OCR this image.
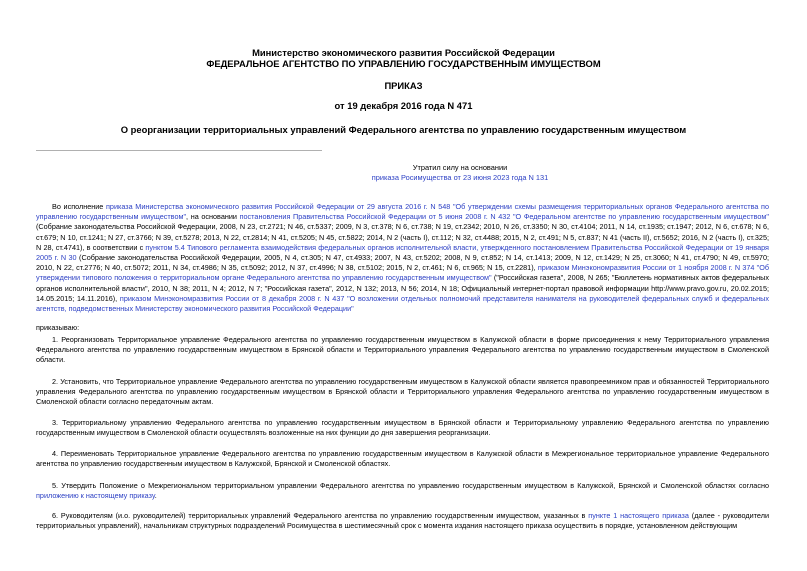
Министерство экономического развития Российской Федерации
ФЕДЕРАЛЬНОЕ АГЕНТСТВО ПО УПРАВЛЕНИЮ ГОСУДАРСТВЕННЫМ ИМУЩЕСТВОМ
ПРИКАЗ
от 19 декабря 2016 года N 471
О реорганизации территориальных управлений Федерального агентства по управлению государственным имуществом
Утратил силу на основании
приказа Росимущества от 23 июня 2023 года N 131
Во исполнение приказа Министерства экономического развития Российской Федерации от 29 августа 2016 г. N 548 "Об утверждении схемы размещения территориальных органов Федерального агентства по управлению государственным имуществом", на основании постановления Правительства Российской Федерации от 5 июня 2008 г. N 432 "О Федеральном агентстве по управлению государственным имуществом" (Собрание законодательства Российской Федерации, 2008, N 23, ст.2721; N 46, ст.5337; 2009, N 3, ст.378; N 6, ст.738; N 19, ст.2342; 2010, N 26, ст.3350; N 30, ст.4104; 2011, N 14, ст.1935; ст.1947; 2012, N 6, ст.678; N 6, ст.679; N 10, ст.1241; N 27, ст.3766; N 39, ст.5278; 2013, N 22, ст.2814; N 41, ст.5205; N 45, ст.5822; 2014, N 2 (часть I), ст.112; N 32, ст.4488; 2015, N 2, ст.491; N 5, ст.837; N 41 (часть II), ст.5652; 2016, N 2 (часть I), ст.325; N 28, ст.4741), в соответствии с пунктом 5.4 Типового регламента взаимодействия федеральных органов исполнительной власти, утвержденного постановлением Правительства Российской Федерации от 19 января 2005 г. N 30 (Собрание законодательства Российской Федерации, 2005, N 4, ст.305; N 47, ст.4933; 2007, N 43, ст.5202; 2008, N 9, ст.852; N 14, ст.1413; 2009, N 12, ст.1429; N 25, ст.3060; N 41, ст.4790; N 49, ст.5970; 2010, N 22, ст.2776; N 40, ст.5072; 2011, N 34, ст.4986; N 35, ст.5092; 2012, N 37, ст.4996; N 38, ст.5102; 2015, N 2, ст.461; N 6, ст.965; N 15, ст.2281), приказом Минэкономразвития России от 1 ноября 2008 г. N 374 "Об утверждении типового положения о территориальном органе Федерального агентства по управлению государственным имуществом" ("Российская газета", 2008, N 265; "Бюллетень нормативных актов федеральных органов исполнительной власти", 2010, N 38; 2011, N 4; 2012, N 7; "Российская газета", 2012, N 132; 2013, N 56; 2014, N 18; Официальный интернет-портал правовой информации http://www.pravo.gov.ru, 20.02.2015; 14.05.2015; 14.11.2016), приказом Минэкономразвития России от 8 декабря 2008 г. N 437 "О возложении отдельных полномочий представителя нанимателя на руководителей федеральных служб и федеральных агентств, подведомственных Министерству экономического развития Российской Федерации"
приказываю:
1. Реорганизовать Территориальное управление Федерального агентства по управлению государственным имуществом в Калужской области в форме присоединения к нему Территориального управления Федерального агентства по управлению государственным имуществом в Брянской области и Территориального управления Федерального агентства по управлению государственным имуществом в Смоленской области.
2. Установить, что Территориальное управление Федерального агентства по управлению государственным имуществом в Калужской области является правопреемником прав и обязанностей Территориального управления Федерального агентства по управлению государственным имуществом в Брянской области и Территориального управления Федерального агентства по управлению государственным имуществом в Смоленской области согласно передаточным актам.
3. Территориальному управлению Федерального агентства по управлению государственным имуществом в Брянской области и Территориальному управлению Федерального агентства по управлению государственным имуществом в Смоленской области осуществлять возложенные на них функции до дня завершения реорганизации.
4. Переименовать Территориальное управление Федерального агентства по управлению государственным имуществом в Калужской области в Межрегиональное территориальное управление Федерального агентства по управлению государственным имуществом в Калужской, Брянской и Смоленской областях.
5. Утвердить Положение о Межрегиональном территориальном управлении Федерального агентства по управлению государственным имуществом в Калужской, Брянской и Смоленской областях согласно приложению к настоящему приказу.
6. Руководителям (и.о. руководителей) территориальных управлений Федерального агентства по управлению государственным имуществом, указанных в пункте 1 настоящего приказа (далее - руководители территориальных управлений), начальникам структурных подразделений Росимущества в шестимесячный срок с момента издания настоящего приказа осуществить в порядке, установленном действующим
